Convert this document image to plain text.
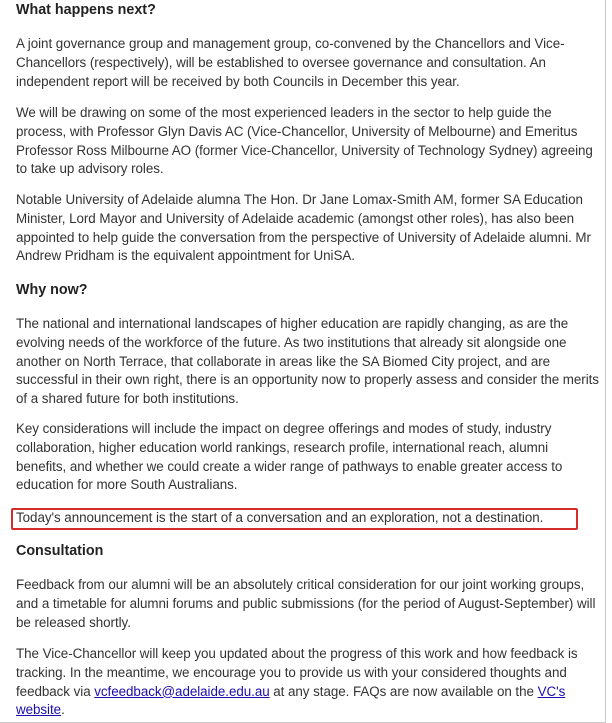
What happens next?

A joint governance group and management group, co-convened by the Chancellors and Vice-Chancellors (respectively), will be established to oversee governance and consultation. An independent report will be received by both Councils in December this year.

We will be drawing on some of the most experienced leaders in the sector to help guide the process, with Professor Glyn Davis AC (Vice-Chancellor, University of Melbourne) and Emeritus Professor Ross Milbourne AO (former Vice-Chancellor, University of Technology Sydney) agreeing to take up advisory roles.

Notable University of Adelaide alumna The Hon. Dr Jane Lomax-Smith AM, former SA Education Minister, Lord Mayor and University of Adelaide academic (amongst other roles), has also been appointed to help guide the conversation from the perspective of University of Adelaide alumni. Mr Andrew Pridham is the equivalent appointment for UniSA.

Why now?

The national and international landscapes of higher education are rapidly changing, as are the evolving needs of the workforce of the future. As two institutions that already sit alongside one another on North Terrace, that collaborate in areas like the SA Biomed City project, and are successful in their own right, there is an opportunity now to properly assess and consider the merits of a shared future for both institutions.

Key considerations will include the impact on degree offerings and modes of study, industry collaboration, higher education world rankings, research profile, international reach, alumni benefits, and whether we could create a wider range of pathways to enable greater access to education for more South Australians.

Today's announcement is the start of a conversation and an exploration, not a destination.

Consultation

Feedback from our alumni will be an absolutely critical consideration for our joint working groups, and a timetable for alumni forums and public submissions (for the period of August-September) will be released shortly.

The Vice-Chancellor will keep you updated about the progress of this work and how feedback is tracking. In the meantime, we encourage you to provide us with your considered thoughts and feedback via vcfeedback@adelaide.edu.au at any stage. FAQs are now available on the VC's website.
